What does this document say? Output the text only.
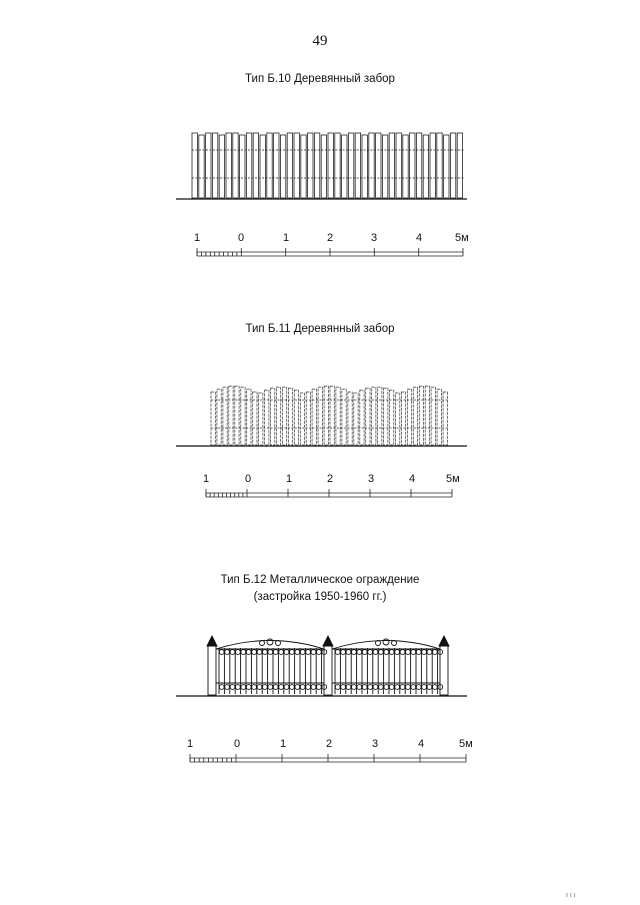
49
Тип Б.10 Деревянный забор
Тип Б.11 Деревянный забор
Тип Б.12 Металлическое ограждение
(застройка 1950-1960 гг.)
1	0	1	2	3	4	5м
1	0	1	2	3	4	5м
1	0	1	2	3	4	5м
ı ı ı
